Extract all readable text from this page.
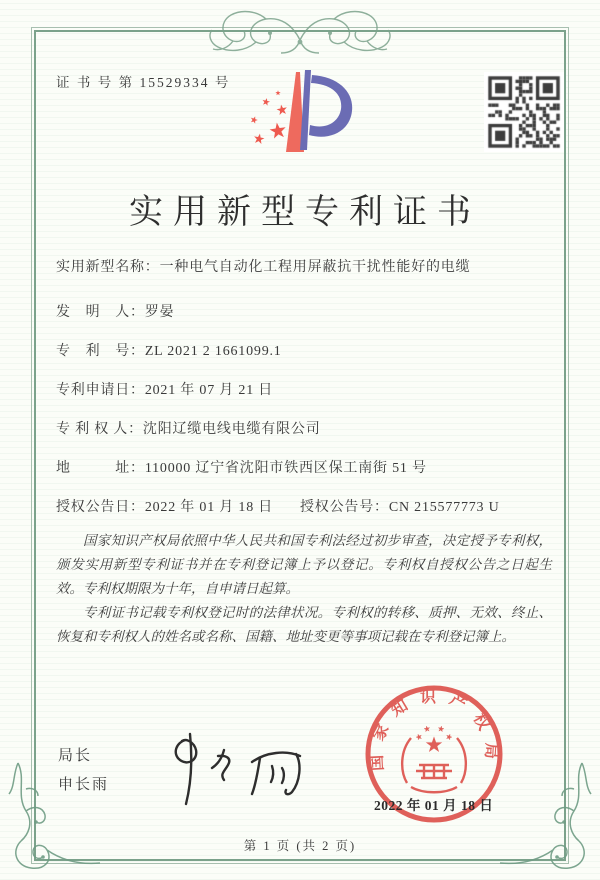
证 书 号 第 15529334 号
实用新型专利证书
实用新型名称： 一种电气自动化工程用屏蔽抗干扰性能好的电缆
发　明　人： 罗晏
专　利　号： ZL 2021 2 1661099.1
专利申请日： 2021 年 07 月 21 日
专 利 权 人： 沈阳辽缆电线电缆有限公司
地　　　址： 110000 辽宁省沈阳市铁西区保工南街 51 号
授权公告日：2022 年 01 月 18 日 授权公告号：CN 215577773 U

国家知识产权局依照中华人民共和国专利法经过初步审查，决定授予专利权，颁发实用新型专利证书并在专利登记簿上予以登记。专利权自授权公告之日起生效。专利权期限为十年，自申请日起算。

专利证书记载专利权登记时的法律状况。专利权的转移、质押、无效、终止、恢复和专利权人的姓名或名称、国籍、地址变更等事项记载在专利登记簿上。

局长
申长雨
国家知识产权局
2022 年 01 月 18 日
第 1 页 (共 2 页)
